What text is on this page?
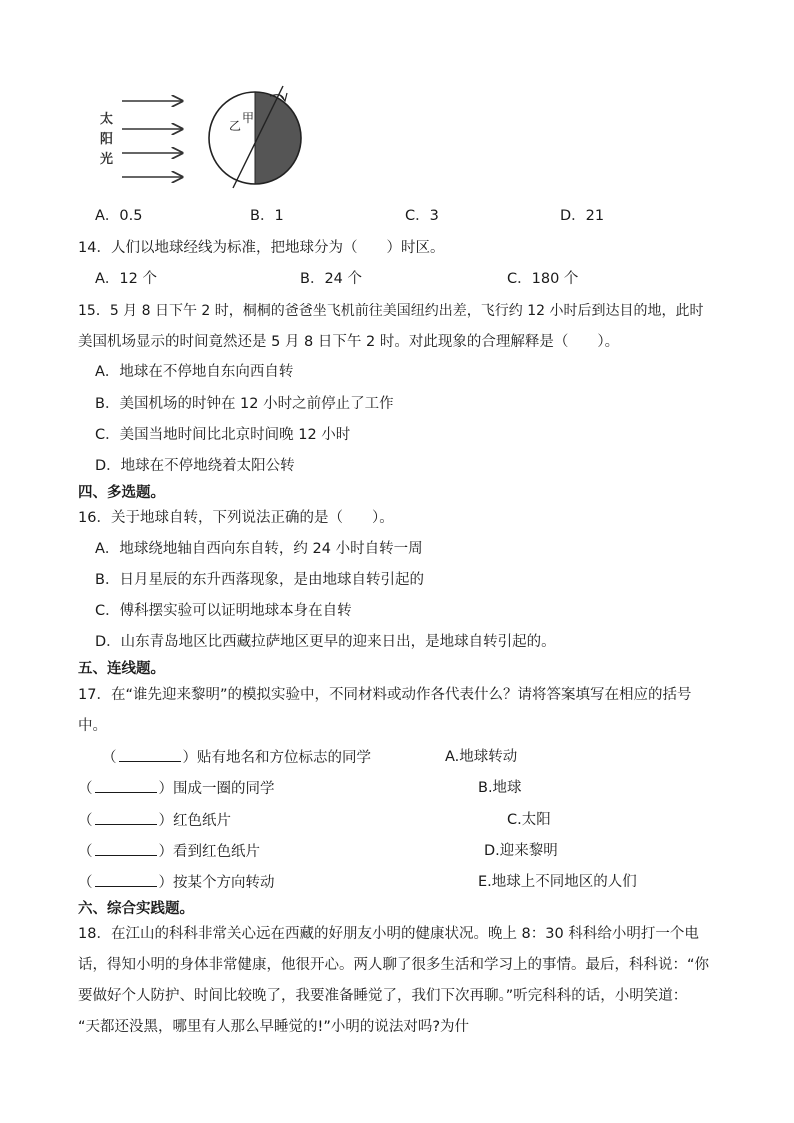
太
阳
光
乙
甲
A．0.5	B．1	C．3	D．21
14．人们以地球经线为标准，把地球分为（　　）时区。
A．12 个	B．24 个	C．180 个
15．5 月 8 日下午 2 时，桐桐的爸爸坐飞机前往美国纽约出差，飞行约 12 小时后到达目的地，此时
美国机场显示的时间竟然还是 5 月 8 日下午 2 时。对此现象的合理解释是（　　）。
A．地球在不停地自东向西自转
B．美国机场的时钟在 12 小时之前停止了工作
C．美国当地时间比北京时间晚 12 小时
D．地球在不停地绕着太阳公转
四、多选题。
16．关于地球自转，下列说法正确的是（　　）。
A．地球绕地轴自西向东自转，约 24 小时自转一周
B．日月星辰的东升西落现象，是由地球自转引起的
C．傅科摆实验可以证明地球本身在自转
D．山东青岛地区比西藏拉萨地区更早的迎来日出，是地球自转引起的。
五、连线题。
17．在“谁先迎来黎明”的模拟实验中，不同材料或动作各代表什么？请将答案填写在相应的括号
中。
（	）贴有地名和方位标志的同学	A.地球转动
（	）围成一圈的同学	B.地球
（	）红色纸片	C.太阳
（	）看到红色纸片	D.迎来黎明
（	）按某个方向转动	E.地球上不同地区的人们
六、综合实践题。
18．在江山的科科非常关心远在西藏的好朋友小明的健康状况。晚上 8：30 科科给小明打一个电
话，得知小明的身体非常健康，他很开心。两人聊了很多生活和学习上的事情。最后，科科说：“你
要做好个人防护、时间比较晚了，我要准备睡觉了，我们下次再聊。”听完科科的话，小明笑道：
“天都还没黑，哪里有人那么早睡觉的!”小明的说法对吗?为什
